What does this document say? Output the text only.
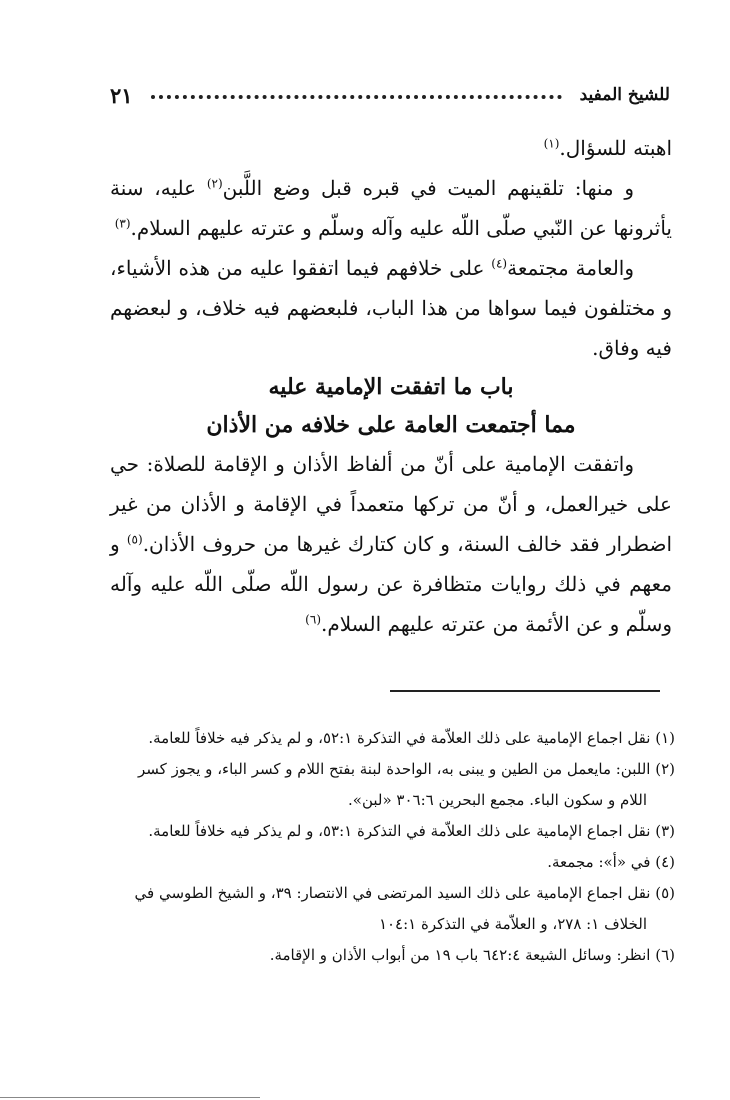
للشيخ المفيد
٢١

اهبته للسؤال.$^{(١)}$

و منها: تلقينهم الميت في قبره قبل وضع اللَّبن$^{(٢)}$ عليه، سنة يأثرونها عن النّبي صلّى اللّه عليه وآله وسلّم و عترته عليهم السلام.$^{(٣)}$

والعامة مجتمعة$^{(٤)}$ على خلافهم فيما اتفقوا عليه من هذه الأشياء، و مختلفون فيما سواها من هذا الباب، فلبعضهم فيه خلاف، و لبعضهم فيه وفاق.

باب ما اتفقت الإمامية عليه

مما أجتمعت العامة على خلافه من الأذان

واتفقت الإمامية على أنّ من ألفاظ الأذان و الإقامة للصلاة: حي على خيرالعمل، و أنّ من تركها متعمداً في الإقامة و الأذان من غير اضطرار فقد خالف السنة، و كان كتارك غيرها من حروف الأذان.$^{(٥)}$ و معهم في ذلك روايات متظافرة عن رسول اللّه صلّى اللّه عليه وآله وسلّم و عن الأئمة من عترته عليهم السلام.$^{(٦)}$

(١) نقل اجماع الإمامية على ذلك العلاّمة في التذكرة ٥٢:١، و لم يذكر فيه خلافاً للعامة.

(٢) اللبن: مايعمل من الطين و يبنى به، الواحدة لبنة بفتح اللام و كسر الباء، و يجوز كسر

اللام و سكون الباء. مجمع البحرين ٣٠٦:٦ «لبن».

(٣) نقل اجماع الإمامية على ذلك العلاّمة في التذكرة ٥٣:١، و لم يذكر فيه خلافاً للعامة.

(٤) في «أ»: مجمعة.

(٥) نقل اجماع الإمامية على ذلك السيد المرتضى في الانتصار: ٣٩، و الشيخ الطوسي في

الخلاف ١: ٢٧٨، و العلاّمة في التذكرة ١٠٤:١

(٦) انظر: وسائل الشيعة ٦٤٢:٤ باب ١٩ من أبواب الأذان و الإقامة.
